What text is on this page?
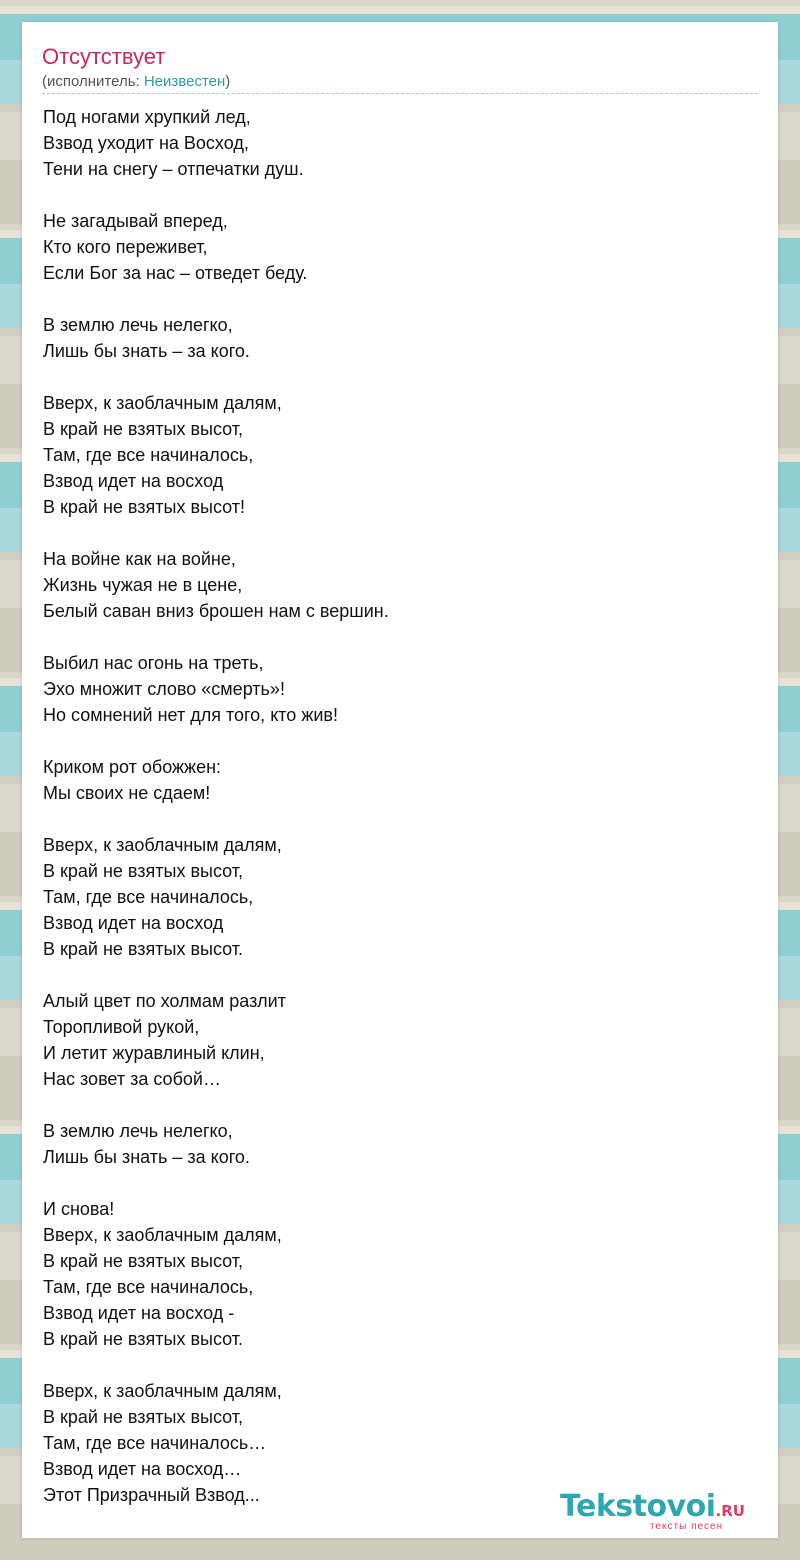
Отсутствует
(исполнитель: Неизвестен)
Под ногами хрупкий лед,
Взвод уходит на Восход,
Тени на снегу – отпечатки душ.
Не загадывай вперед,
Кто кого переживет,
Если Бог за нас – отведет беду.
В землю лечь нелегко,
Лишь бы знать – за кого.
Вверх, к заоблачным далям,
В край не взятых высот,
Там, где все начиналось,
Взвод идет на восход
В край не взятых высот!
На войне как на войне,
Жизнь чужая не в цене,
Белый саван вниз брошен нам с вершин.
Выбил нас огонь на треть,
Эхо множит слово «смерть»!
Но сомнений нет для того, кто жив!
Криком рот обожжен:
Мы своих не сдаем!
Вверх, к заоблачным далям,
В край не взятых высот,
Там, где все начиналось,
Взвод идет на восход
В край не взятых высот.
Алый цвет по холмам разлит
Торопливой рукой,
И летит журавлиный клин,
Нас зовет за собой…
В землю лечь нелегко,
Лишь бы знать – за кого.
И снова!
Вверх, к заоблачным далям,
В край не взятых высот,
Там, где все начиналось,
Взвод идет на восход -
В край не взятых высот.
Вверх, к заоблачным далям,
В край не взятых высот,
Там, где все начиналось…
Взвод идет на восход…
Этот Призрачный Взвод...	Tekstovoi.RU
тексты песен
